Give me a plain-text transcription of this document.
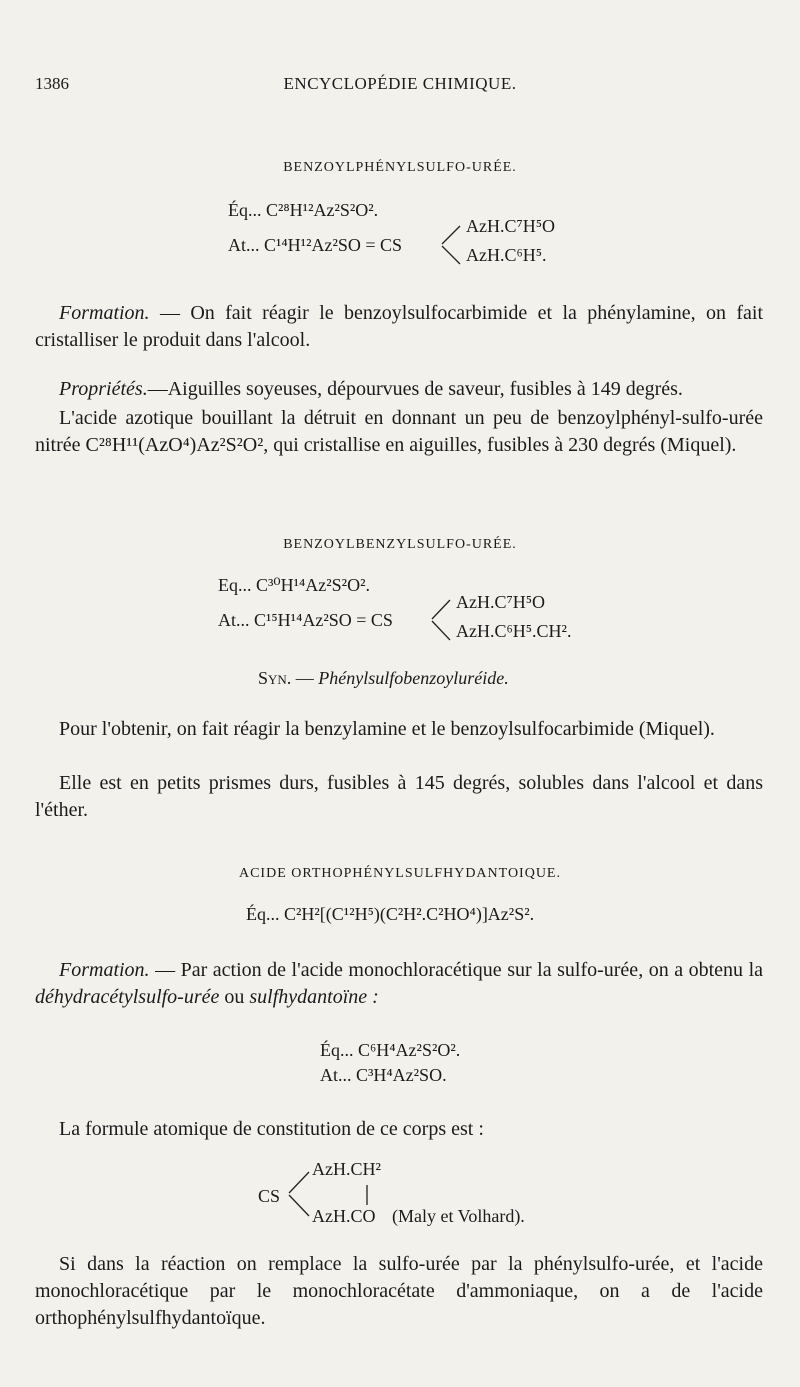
1386	ENCYCLOPÉDIE CHIMIQUE.
BENZOYLPHÉNYLSULFO-URÉE.
Éq... C²⁸H¹²Az²S²O².
At... C¹⁴H¹²Az²SO = CS
AzH.C⁷H⁵O
AzH.C⁶H⁵.
Formation. — On fait réagir le benzoylsulfocarbimide et la phénylamine, on fait cristalliser le produit dans l'alcool.
Propriétés.—Aiguilles soyeuses, dépourvues de saveur, fusibles à 149 degrés.
L'acide azotique bouillant la détruit en donnant un peu de benzoylphényl-sulfo-urée nitrée C²⁸H¹¹(AzO⁴)Az²S²O², qui cristallise en aiguilles, fusibles à 230 degrés (Miquel).
BENZOYLBENZYLSULFO-URÉE.
Eq... C³⁰H¹⁴Az²S²O².
At... C¹⁵H¹⁴Az²SO = CS
AzH.C⁷H⁵O
AzH.C⁶H⁵.CH².
Syn. — Phénylsulfobenzoyluréide.
Pour l'obtenir, on fait réagir la benzylamine et le benzoylsulfocarbimide (Miquel).
Elle est en petits prismes durs, fusibles à 145 degrés, solubles dans l'alcool et dans l'éther.
ACIDE ORTHOPHÉNYLSULFHYDANTOIQUE.
Éq... C²H²[(C¹²H⁵)(C²H².C²HO⁴)]Az²S².
Formation. — Par action de l'acide monochloracétique sur la sulfo-urée, on a obtenu la déhydracétylsulfo-urée ou sulfhydantoïne :
Éq... C⁶H⁴Az²S²O².
At... C³H⁴Az²SO.
La formule atomique de constitution de ce corps est :
CS
AzH.CH²
AzH.CO (Maly et Volhard).
Si dans la réaction on remplace la sulfo-urée par la phénylsulfo-urée, et l'acide monochloracétique par le monochloracétate d'ammoniaque, on a de l'acide orthophénylsulfhydantoïque.
